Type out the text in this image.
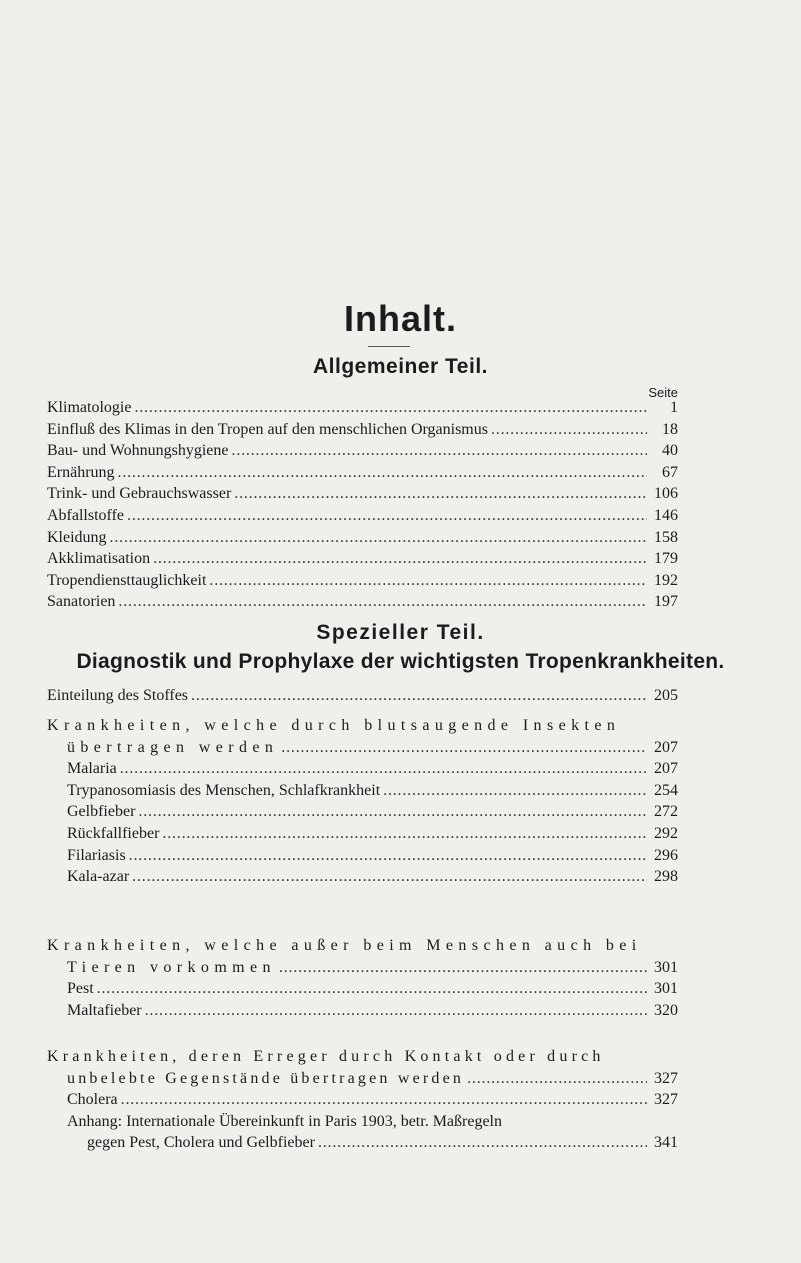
Inhalt.
Allgemeiner Teil.
Seite
Klimatologie . . .	1
Einfluß des Klimas in den Tropen auf den menschlichen Organismus . . .	18
Bau- und Wohnungshygiene . . .	40
Ernährung . . .	67
Trink- und Gebrauchswasser . . .	106
Abfallstoffe . . .	146
Kleidung . . .	158
Akklimatisation . . .	179
Tropendiensttauglichkeit . . .	192
Sanatorien . . .	197
Spezieller Teil.
Diagnostik und Prophylaxe der wichtigsten Tropenkrankheiten.
Einteilung des Stoffes . . .	205
Krankheiten, welche durch blutsaugende Insekten
übertragen werden . . .	207
Malaria . . .	207
Trypanosomiasis des Menschen, Schlafkrankheit . . .	254
Gelbfieber . . .	272
Rückfallfieber . . .	292
Filariasis . . .	296
Kala-azar . . .	298
Krankheiten, welche außer beim Menschen auch bei
Tieren vorkommen . . .	301
Pest . . .	301
Maltafieber . . .	320
Krankheiten, deren Erreger durch Kontakt oder durch
unbelebte Gegenstände übertragen werden . . .	327
Cholera . . .	327
Anhang: Internationale Übereinkunft in Paris 1903, betr. Maßregeln
gegen Pest, Cholera und Gelbfieber . . .	341
